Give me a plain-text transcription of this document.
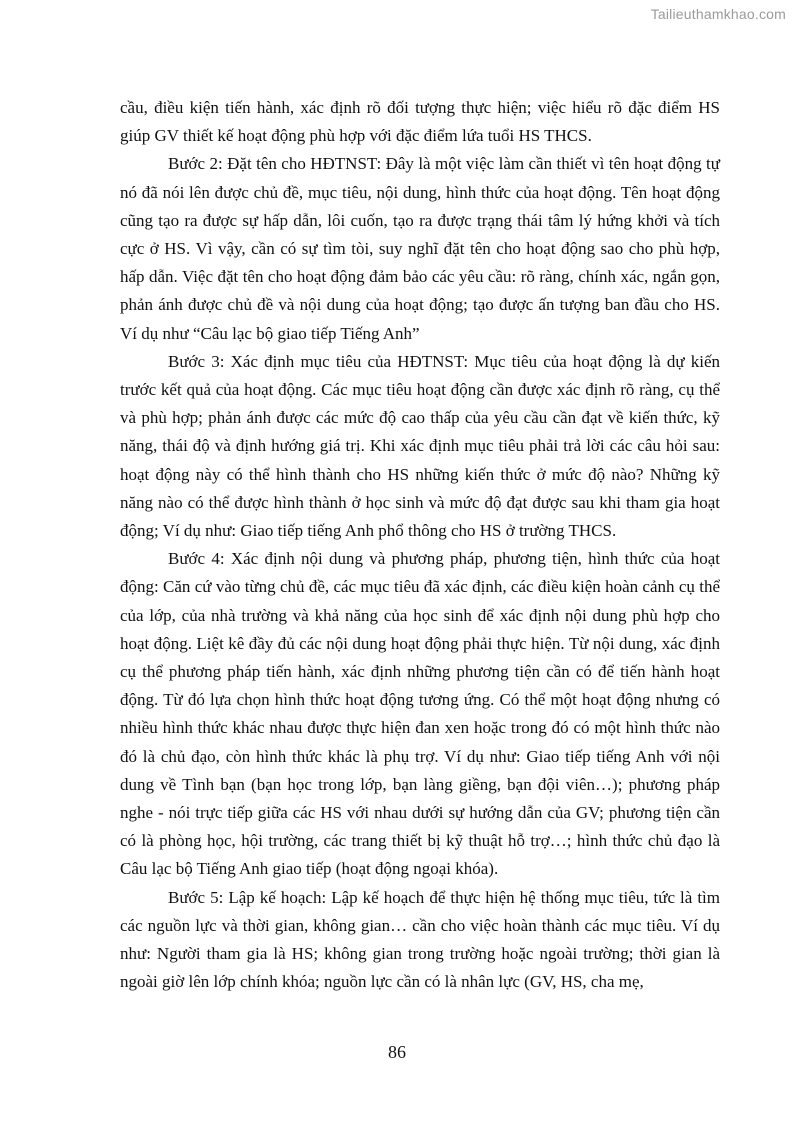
Tailieuthamkhao.com

cầu, điều kiện tiến hành, xác định rõ đối tượng thực hiện; việc hiểu rõ đặc điểm HS giúp GV thiết kế hoạt động phù hợp với đặc điểm lứa tuổi HS THCS.

Bước 2: Đặt tên cho HĐTNST: Đây là một việc làm cần thiết vì tên hoạt động tự nó đã nói lên được chủ đề, mục tiêu, nội dung, hình thức của hoạt động. Tên hoạt động cũng tạo ra được sự hấp dẫn, lôi cuốn, tạo ra được trạng thái tâm lý hứng khởi và tích cực ở HS. Vì vậy, cần có sự tìm tòi, suy nghĩ đặt tên cho hoạt động sao cho phù hợp, hấp dẫn. Việc đặt tên cho hoạt động đảm bảo các yêu cầu: rõ ràng, chính xác, ngắn gọn, phản ánh được chủ đề và nội dung của hoạt động; tạo được ấn tượng ban đầu cho HS. Ví dụ như “Câu lạc bộ giao tiếp Tiếng Anh”

Bước 3: Xác định mục tiêu của HĐTNST: Mục tiêu của hoạt động là dự kiến trước kết quả của hoạt động. Các mục tiêu hoạt động cần được xác định rõ ràng, cụ thể và phù hợp; phản ánh được các mức độ cao thấp của yêu cầu cần đạt về kiến thức, kỹ năng, thái độ và định hướng giá trị. Khi xác định mục tiêu phải trả lời các câu hỏi sau: hoạt động này có thể hình thành cho HS những kiến thức ở mức độ nào? Những kỹ năng nào có thể được hình thành ở học sinh và mức độ đạt được sau khi tham gia hoạt động; Ví dụ như: Giao tiếp tiếng Anh phổ thông cho HS ở trường THCS.

Bước 4: Xác định nội dung và phương pháp, phương tiện, hình thức của hoạt động: Căn cứ vào từng chủ đề, các mục tiêu đã xác định, các điều kiện hoàn cảnh cụ thể của lớp, của nhà trường và khả năng của học sinh để xác định nội dung phù hợp cho hoạt động. Liệt kê đầy đủ các nội dung hoạt động phải thực hiện. Từ nội dung, xác định cụ thể phương pháp tiến hành, xác định những phương tiện cần có để tiến hành hoạt động. Từ đó lựa chọn hình thức hoạt động tương ứng. Có thể một hoạt động nhưng có nhiều hình thức khác nhau được thực hiện đan xen hoặc trong đó có một hình thức nào đó là chủ đạo, còn hình thức khác là phụ trợ. Ví dụ như: Giao tiếp tiếng Anh với nội dung về Tình bạn (bạn học trong lớp, bạn làng giềng, bạn đội viên…); phương pháp nghe - nói trực tiếp giữa các HS với nhau dưới sự hướng dẫn của GV; phương tiện cần có là phòng học, hội trường, các trang thiết bị kỹ thuật hỗ trợ…; hình thức chủ đạo là Câu lạc bộ Tiếng Anh giao tiếp (hoạt động ngoại khóa).

Bước 5: Lập kế hoạch: Lập kế hoạch để thực hiện hệ thống mục tiêu, tức là tìm các nguồn lực và thời gian, không gian… cần cho việc hoàn thành các mục tiêu. Ví dụ như: Người tham gia là HS; không gian trong trường hoặc ngoài trường; thời gian là ngoài giờ lên lớp chính khóa; nguồn lực cần có là nhân lực (GV, HS, cha mẹ,

86
